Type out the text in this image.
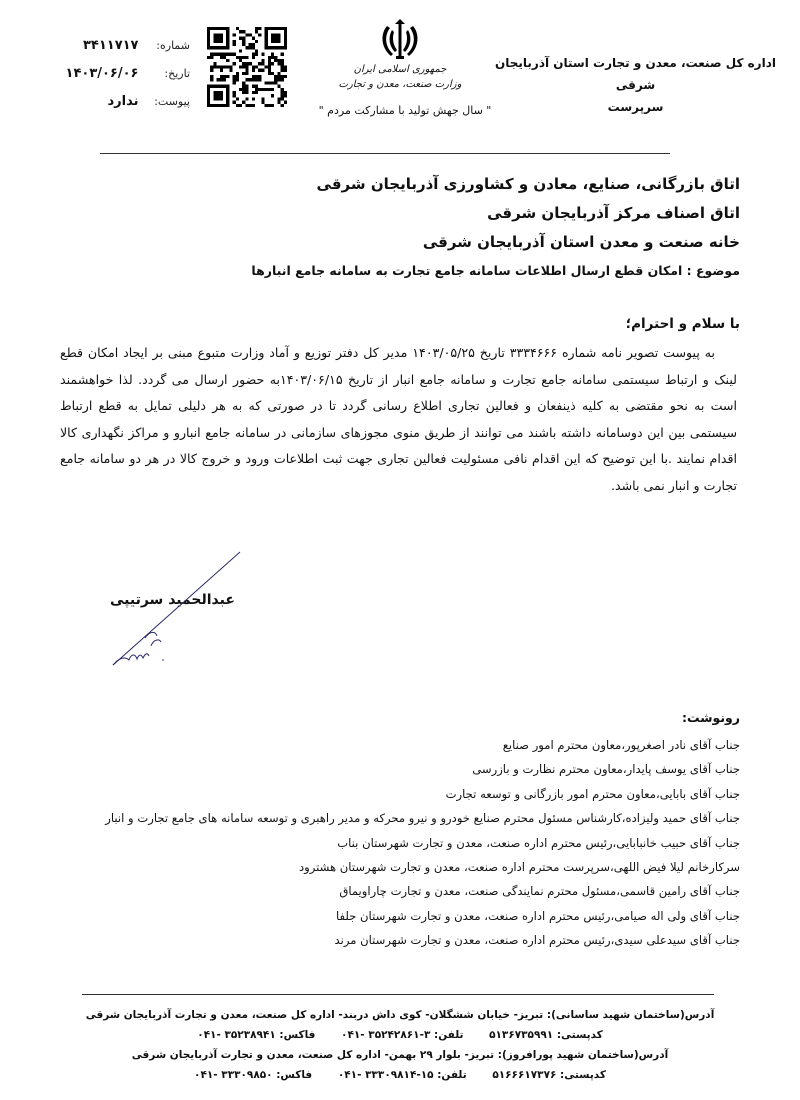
اداره کل صنعت، معدن و تجارت استان آذربایجان شرقی
سرپرست
جمهوری اسلامی ایران
وزارت صنعت، معدن و تجارت
" سال جهش تولید با مشارکت مردم "
شماره: ۳۴۱۱۷۱۷
تاریخ: ۱۴۰۳/۰۶/۰۶
پیوست: ندارد
اتاق بازرگانی، صنایع، معادن و کشاورزی آذربایجان شرقی
اتاق اصناف مرکز آذربایجان شرقی
خانه صنعت و معدن استان آذربایجان شرقی
موضوع : امکان قطع ارسال اطلاعات سامانه جامع تجارت به سامانه جامع انبارها
با سلام و احترام؛

به پیوست تصویر نامه شماره ۳۳۳۴۶۶۶ تاریخ ۱۴۰۳/۰۵/۲۵ مدیر کل دفتر توزیع و آماد وزارت متبوع مبنی بر ایجاد امکان قطع لینک و ارتباط سیستمی سامانه جامع تجارت و سامانه جامع انبار از تاریخ ۱۴۰۳/۰۶/۱۵به حضور ارسال می گردد. لذا خواهشمند است به نحو مقتضی به کلیه ذینفعان و فعالین تجاری اطلاع رسانی گردد تا در صورتی که به هر دلیلی تمایل به قطع ارتباط سیستمی بین این دوسامانه داشته باشند می توانند از طریق منوی مجوزهای سازمانی در سامانه جامع انبارو و مراکز نگهداری کالا اقدام نمایند .با این توضیح که این اقدام نافی مسئولیت فعالین تجاری جهت ثبت اطلاعات ورود و خروج کالا در هر دو سامانه جامع تجارت و انبار نمی باشد.

عبدالحمید سرتیپی
رونوشت:
جناب آقای نادر اصغرپور،معاون محترم امور صنایع
جناب آقای یوسف پایدار،معاون محترم نظارت و بازرسی
جناب آقای بابایی،معاون محترم امور بازرگانی و توسعه تجارت
جناب آقای حمید ولیزاده،کارشناس مسئول محترم صنایع خودرو و نیرو محرکه و مدیر راهبری و توسعه سامانه های جامع تجارت و انبار
جناب آقای حبیب خانبابایی،رئیس محترم اداره صنعت، معدن و تجارت شهرستان بناب
سرکارخانم لیلا فیض اللهی،سرپرست محترم اداره صنعت، معدن و تجارت شهرستان هشترود
جناب آقای رامین قاسمی،مسئول محترم نمایندگی صنعت، معدن و تجارت چاراویماق
جناب آقای ولی اله صیامی،رئیس محترم اداره صنعت، معدن و تجارت شهرستان جلفا
جناب آقای سیدعلی سیدی،رئیس محترم اداره صنعت، معدن و تجارت شهرستان مرند
آدرس(ساختمان شهید ساسانی): تبریز- خیابان ششگلان- کوی داش دربند- اداره کل صنعت، معدن و تجارت آذربایجان شرقی
کدپستی: ۵۱۳۶۷۳۵۹۹۱ تلفن: ۳-۳۵۲۴۲۸۶۱ -۰۴۱ فاکس: ۳۵۲۳۸۹۴۱ -۰۴۱
آدرس(ساختمان شهید پورافروز): تبریز- بلوار ۲۹ بهمن- اداره کل صنعت، معدن و تجارت آذربایجان شرقی
کدپستی: ۵۱۶۶۶۱۷۳۷۶ تلفن: ۱۵-۳۳۳۰۹۸۱۴ -۰۴۱ فاکس: ۳۳۳۰۹۸۵۰ -۰۴۱
